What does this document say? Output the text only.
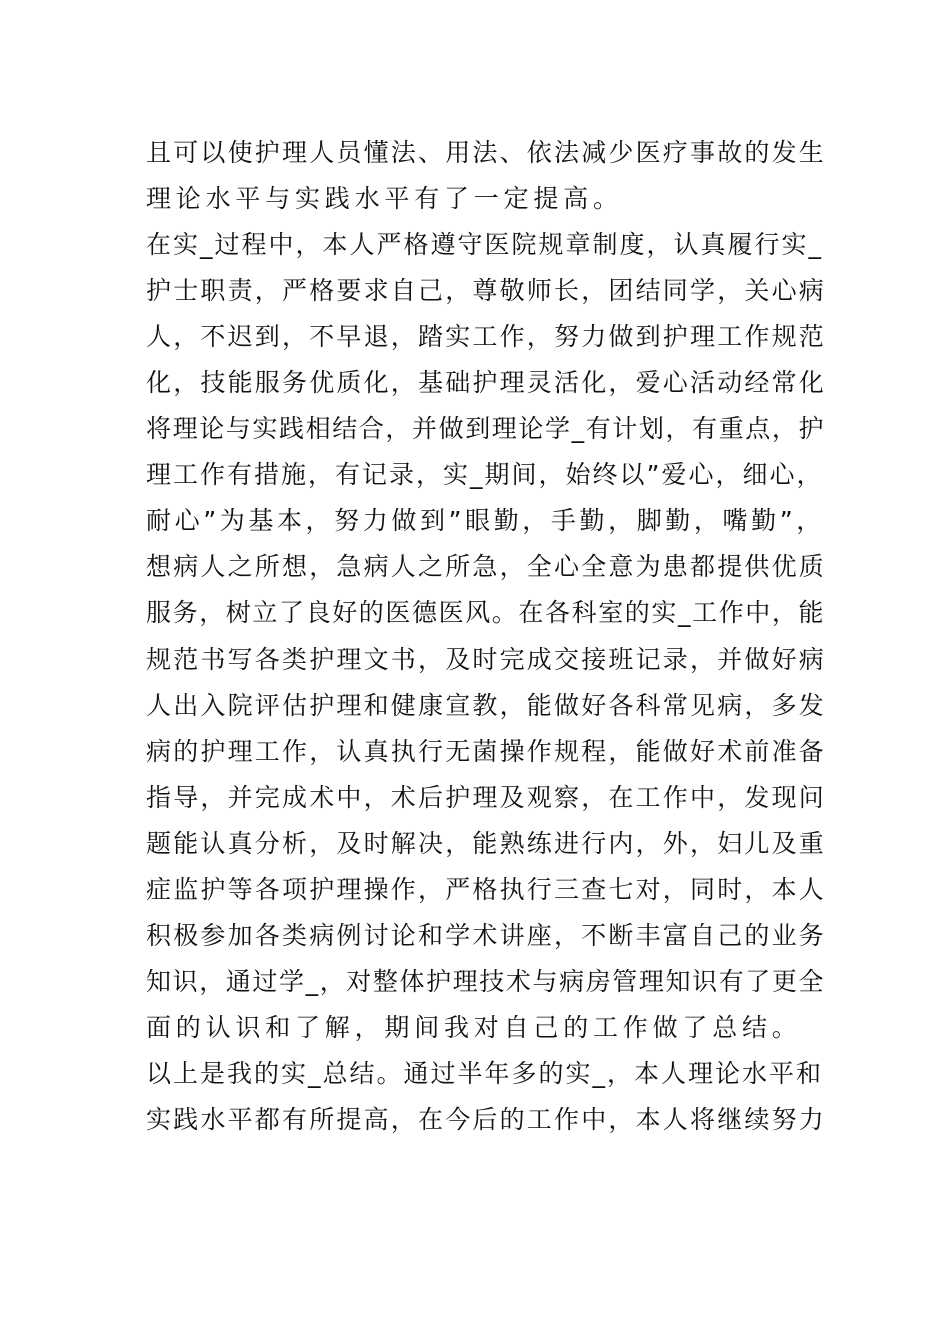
且可以使护理人员懂法、用法、依法减少医疗事故的发生
理论水平与实践水平有了一定提高。
在实_过程中，本人严格遵守医院规章制度，认真履行实_
护士职责，严格要求自己，尊敬师长，团结同学，关心病
人，不迟到，不早退，踏实工作，努力做到护理工作规范
化，技能服务优质化，基础护理灵活化，爱心活动经常化
将理论与实践相结合，并做到理论学_有计划，有重点，护
理工作有措施，有记录，实_期间，始终以”爱心，细心，
耐心”为基本，努力做到”眼勤，手勤，脚勤，嘴勤”，
想病人之所想，急病人之所急，全心全意为患都提供优质
服务，树立了良好的医德医风。在各科室的实_工作中，能
规范书写各类护理文书，及时完成交接班记录，并做好病
人出入院评估护理和健康宣教，能做好各科常见病，多发
病的护理工作，认真执行无菌操作规程，能做好术前准备
指导，并完成术中，术后护理及观察，在工作中，发现问
题能认真分析，及时解决，能熟练进行内，外，妇儿及重
症监护等各项护理操作，严格执行三查七对，同时，本人
积极参加各类病例讨论和学术讲座，不断丰富自己的业务
知识，通过学_，对整体护理技术与病房管理知识有了更全
面的认识和了解，期间我对自己的工作做了总结。
以上是我的实_总结。通过半年多的实_，本人理论水平和
实践水平都有所提高，在今后的工作中，本人将继续努力
